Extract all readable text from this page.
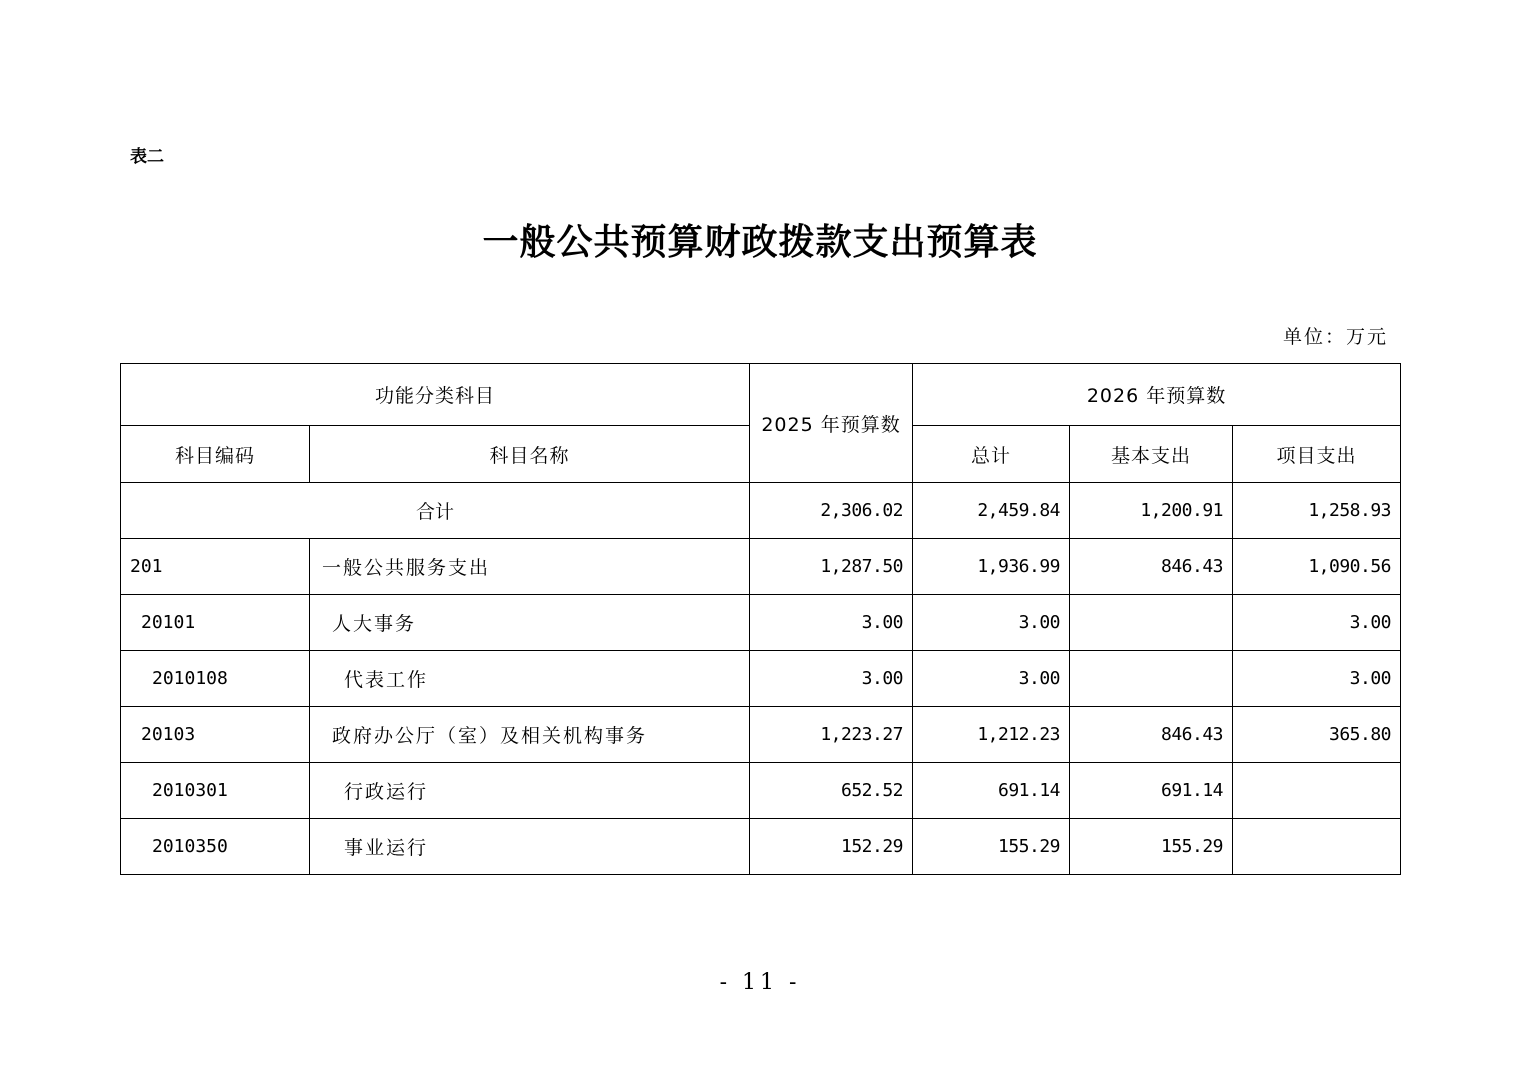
表二
一般公共预算财政拨款支出预算表
单位：万元
功能分类科目		2025 年预算数	2026 年预算数		
科目编码	科目名称		总计	基本支出	项目支出
合计		2,306.02	2,459.84	1,200.91	1,258.93
201	一般公共服务支出	1,287.50	1,936.99	846.43	1,090.56
20101	人大事务	3.00	3.00		3.00
2010108	代表工作	3.00	3.00		3.00
20103	政府办公厅（室）及相关机构事务	1,223.27	1,212.23	846.43	365.80
2010301	行政运行	652.52	691.14	691.14	
2010350	事业运行	152.29	155.29	155.29	
- 11 -
